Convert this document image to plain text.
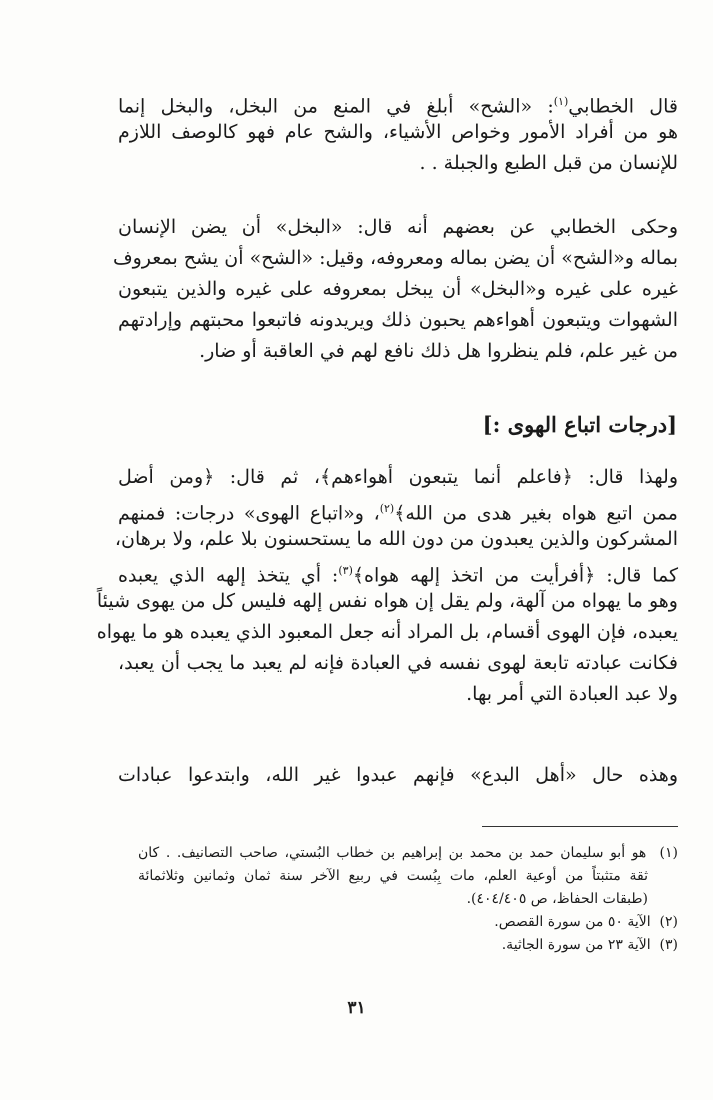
قال الخطابي$^{(١)}$: «الشح» أبلغ في المنع من البخل، والبخل إنما
هو من أفراد الأمور وخواص الأشياء، والشح عام فهو كالوصف اللازم
للإنسان من قبل الطبع والجبلة . .
وحكى الخطابي عن بعضهم أنه قال: «البخل» أن يضن الإنسان
بماله و«الشح» أن يضن بماله ومعروفه، وقيل: «الشح» أن يشح بمعروف
غيره على غيره و«البخل» أن يبخل بمعروفه على غيره والذين يتبعون
الشهوات ويتبعون أهواءهم يحبون ذلك ويريدونه فاتبعوا محبتهم وإرادتهم
من غير علم، فلم ينظروا هل ذلك نافع لهم في العاقبة أو ضار.
[درجات اتباع الهوى :]
ولهذا قال: ﴿فاعلم أنما يتبعون أهواءهم﴾، ثم قال: ﴿ومن أضل
ممن اتبع هواه بغير هدى من الله﴾$^{(٢)}$، و«اتباع الهوى» درجات: فمنهم
المشركون والذين يعبدون من دون الله ما يستحسنون بلا علم، ولا برهان،
كما قال: ﴿أفرأيت من اتخذ إلهه هواه﴾$^{(٣)}$: أي يتخذ إلهه الذي يعبده
وهو ما يهواه من آلهة، ولم يقل إن هواه نفس إلهه فليس كل من يهوى شيئاً
يعبده، فإن الهوى أقسام، بل المراد أنه جعل المعبود الذي يعبده هو ما يهواه
فكانت عبادته تابعة لهوى نفسه في العبادة فإنه لم يعبد ما يجب أن يعبد،
ولا عبد العبادة التي أمر بها.
وهذه حال «أهل البدع» فإنهم عبدوا غير الله، وابتدعوا عبادات
(١)  هو أبو سليمان حمد بن محمد بن إبراهيم بن خطاب البُستي، صاحب التصانيف. . كان
ثقة متثبتاً من أوعية العلم، مات بِبُست في ربيع الآخر سنة ثمان وثمانين وثلاثمائة
(طبقات الحفاظ، ص ٤٠٤/٤٠٥).
(٢)  الآية ٥٠ من سورة القصص.
(٣)  الآية ٢٣ من سورة الجاثية.
٣١
